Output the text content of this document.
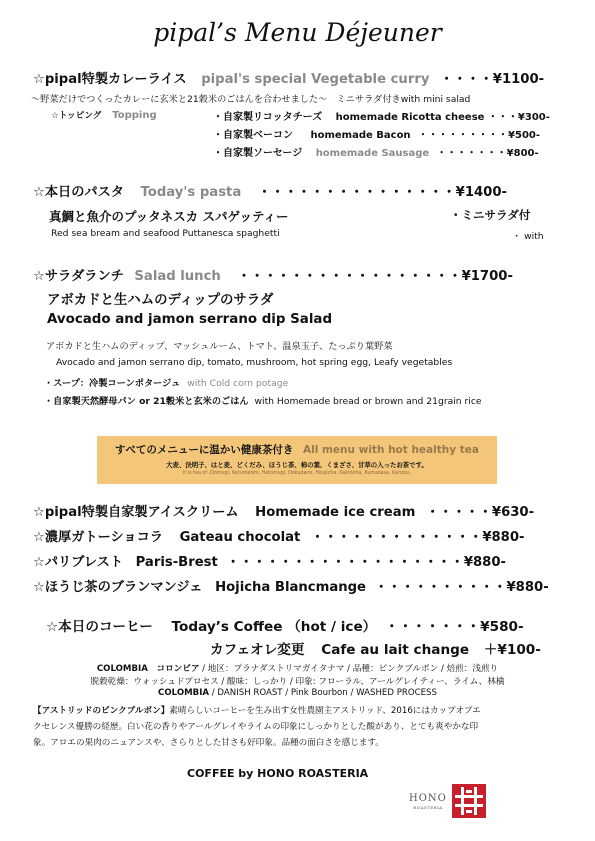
pipal’s Menu Déjeuner
☆pipal特製カレーライス pipal's special Vegetable curry ・・・・¥1100-
〜野菜だけでつくったカレーに玄米と21穀米のごはんを合わせました〜　ミニサラダ付きwith mini salad
☆トッピング Topping	・自家製リコッタチーズ homemade Ricotta cheese ・・・¥300-
・自家製ベーコン homemade Bacon ・・・・・・・・・¥500-
・自家製ソーセージ homemade Sausage ・・・・・・・¥800-
☆本日のパスタ Today's pasta ・・・・・・・・・・・・・・・¥1400-
真鯛と魚介のプッタネスカ スパゲッティー	・ミニサラダ付
Red sea bream and seafood Puttanesca spaghetti	・ with
☆サラダランチ Salad lunch ・・・・・・・・・・・・・・・・・¥1700-
アボカドと生ハムのディップのサラダ
Avocado and jamon serrano dip Salad
アボカドと生ハムのディップ、マッシュルーム、トマト、温泉玉子、たっぷり葉野菜
Avocado and jamon serrano dip, tomato, mushroom, hot spring egg, Leafy vegetables
・スープ：冷製コーンポタージュ with Cold corn potage
・自家製天然酵母パン or 21穀米と玄米のごはん with Homemade bread or brown and 21grain rice
すべてのメニューに温かい健康茶付き All menu with hot healthy tea
大麦、決明子、はと麦、どくだみ、ほうじ茶、柿の葉、くまざさ、甘草の入ったお茶です。
It is tea of ,Oomugi, Ketumeishi, Hatomugi, Dokudami, Houjicha, Kakinoha, Kumazasa, Kanzou.
☆pipal特製自家製アイスクリーム Homemade ice cream ・・・・・¥630-
☆濃厚ガトーショコラ Gateau chocolat ・・・・・・・・・・・・・¥880-
☆パリブレスト Paris-Brest ・・・・・・・・・・・・・・・・・・¥880-
☆ほうじ茶のブランマンジェ Hojicha Blancmange ・・・・・・・・・・¥880-
☆本日のコーヒー Today’s Coffee （hot / ice） ・・・・・・・¥580-
カフェオレ変更 Cafe au lait change ＋¥100-
COLOMBIA　コロンビア / 地区：プラナダストリマガイタナマ / 品種：ピンクブルボン / 焙煎：浅煎り
脱穀乾燥：ウォッシュドプロセス / 酸味：しっかり / 印象: フローラル、アールグレイティー、ライム、林檎
COLOMBIA / DANISH ROAST / Pink Bourbon / WASHED PROCESS
【アストリッドのピンクブルボン】素晴らしいコーヒーを生み出す女性農園主アストリッド、2016にはカップオブエ
クセレンス優勝の経歴。白い花の香りやアールグレイやライムの印象にしっかりとした酸があり、とても爽やかな印
象。アロエの果肉のニュアンスや、さらりとした甘さも好印象。品種の面白さを感じます。
COFFEE by HONO ROASTERIA
HONO
ROASTERIA
